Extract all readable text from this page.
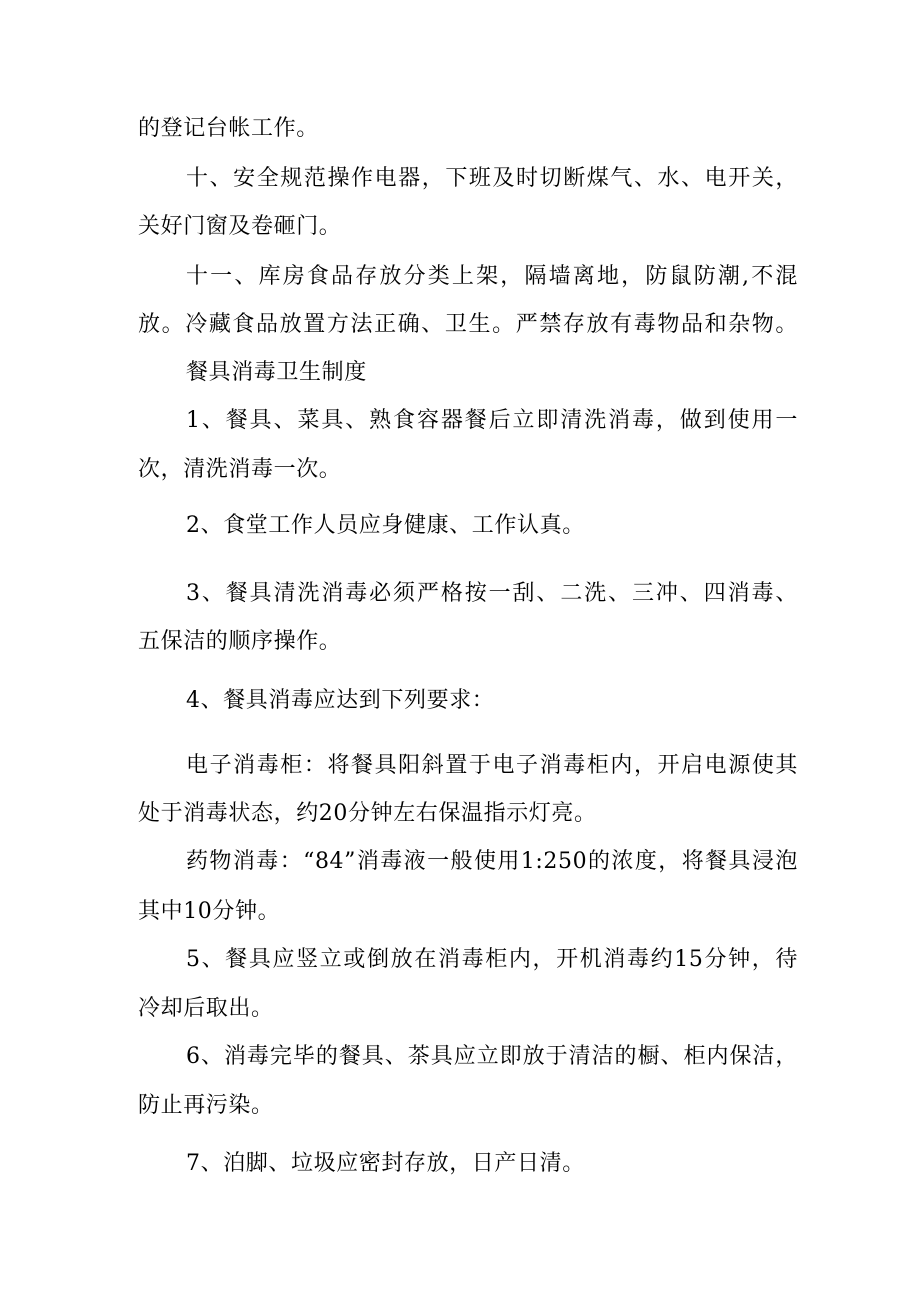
的登记台帐工作。
十、安全规范操作电器，下班及时切断煤气、水、电开关，
关好门窗及卷砸门。
十一、库房食品存放分类上架，隔墙离地，防鼠防潮,不混
放。冷藏食品放置方法正确、卫生。严禁存放有毒物品和杂物。
餐具消毒卫生制度
1、餐具、菜具、熟食容器餐后立即清洗消毒，做到使用一
次，清洗消毒一次。
2、食堂工作人员应身健康、工作认真。
3、餐具清洗消毒必须严格按一刮、二洗、三冲、四消毒、
五保洁的顺序操作。
4、餐具消毒应达到下列要求：
电子消毒柜：将餐具阳斜置于电子消毒柜内，开启电源使其
处于消毒状态，约20分钟左右保温指示灯亮。
药物消毒：“84”消毒液一般使用1:250的浓度，将餐具浸泡
其中10分钟。
5、餐具应竖立或倒放在消毒柜内，开机消毒约15分钟，待
冷却后取出。
6、消毒完毕的餐具、茶具应立即放于清洁的橱、柜内保洁，
防止再污染。
7、泊脚、垃圾应密封存放，日产日清。
